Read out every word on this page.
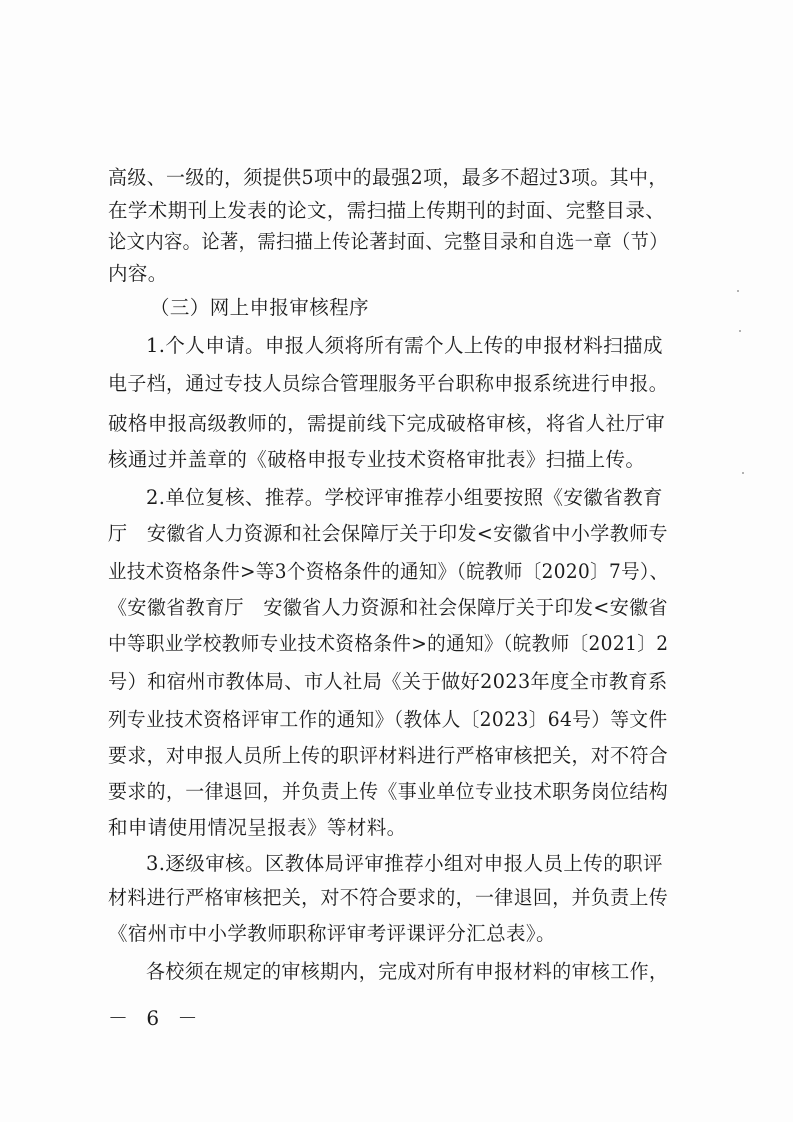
高级、一级的，须提供5项中的最强2项，最多不超过3项。其中，
在学术期刊上发表的论文，需扫描上传期刊的封面、完整目录、
论文内容。论著，需扫描上传论著封面、完整目录和自选一章（节）
内容。
（三）网上申报审核程序
1.个人申请。申报人须将所有需个人上传的申报材料扫描成
电子档，通过专技人员综合管理服务平台职称申报系统进行申报。
破格申报高级教师的，需提前线下完成破格审核，将省人社厅审
核通过并盖章的《破格申报专业技术资格审批表》扫描上传。
2.单位复核、推荐。学校评审推荐小组要按照《安徽省教育
厅　安徽省人力资源和社会保障厅关于印发<安徽省中小学教师专
业技术资格条件>等3个资格条件的通知》（皖教师〔2020〕7号）、
《安徽省教育厅　安徽省人力资源和社会保障厅关于印发<安徽省
中等职业学校教师专业技术资格条件>的通知》（皖教师〔2021〕2
号）和宿州市教体局、市人社局《关于做好2023年度全市教育系
列专业技术资格评审工作的通知》（教体人〔2023〕64号）等文件
要求，对申报人员所上传的职评材料进行严格审核把关，对不符合
要求的，一律退回，并负责上传《事业单位专业技术职务岗位结构
和申请使用情况呈报表》等材料。
3.逐级审核。区教体局评审推荐小组对申报人员上传的职评
材料进行严格审核把关，对不符合要求的，一律退回，并负责上传
《宿州市中小学教师职称评审考评课评分汇总表》。
各校须在规定的审核期内，完成对所有申报材料的审核工作，
－ 6 －
